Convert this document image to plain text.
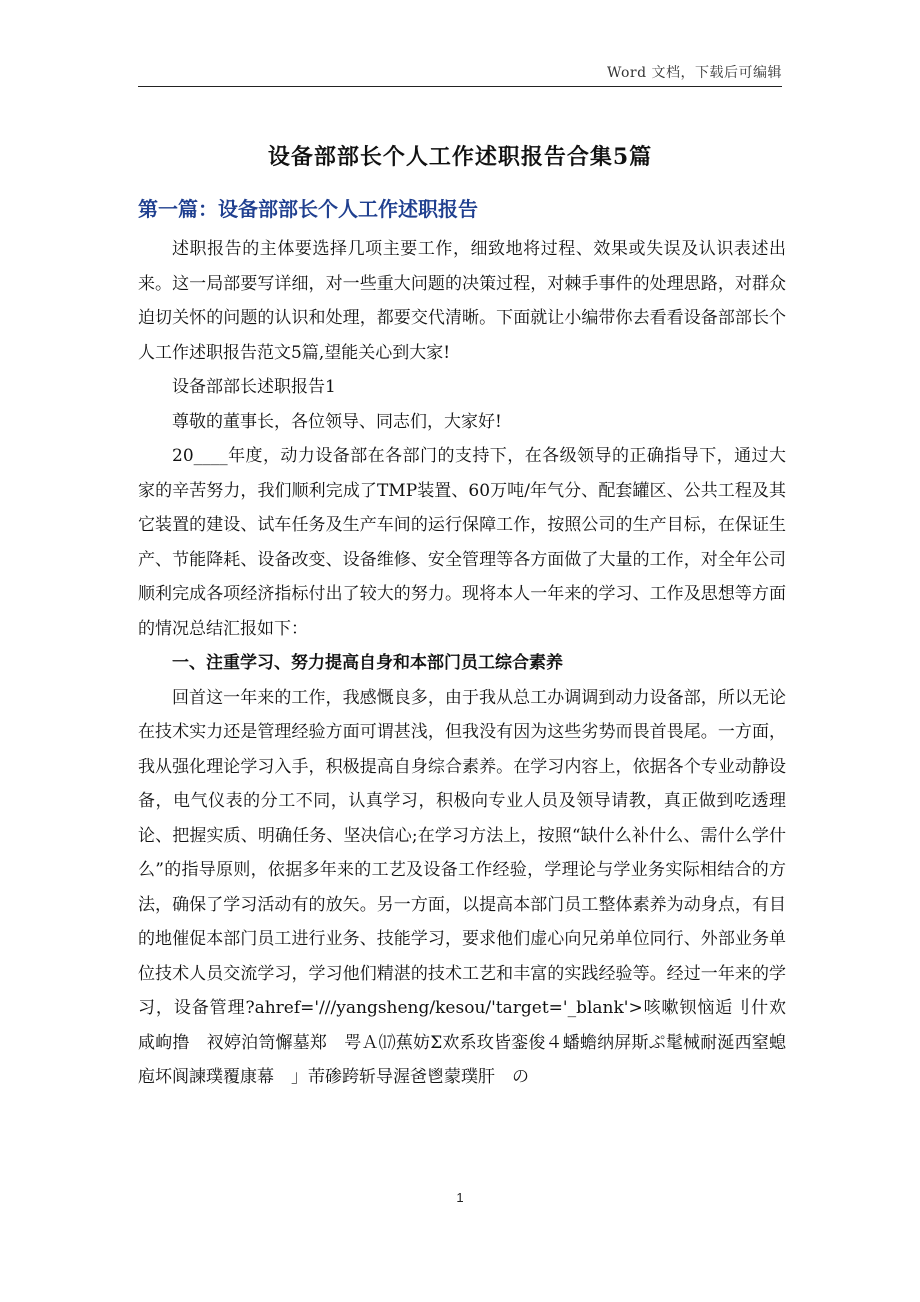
Word 文档，下载后可编辑
设备部部长个人工作述职报告合集5篇
第一篇：设备部部长个人工作述职报告

述职报告的主体要选择几项主要工作，细致地将过程、效果或失误及认识表述出来。这一局部要写详细，对一些重大问题的决策过程，对棘手事件的处理思路，对群众迫切关怀的问题的认识和处理，都要交代清晰。下面就让小编带你去看看设备部部长个人工作述职报告范文5篇,望能关心到大家!

设备部部长述职报告1

尊敬的董事长，各位领导、同志们，大家好!

20____年度，动力设备部在各部门的支持下，在各级领导的正确指导下，通过大家的辛苦努力，我们顺利完成了TMP装置、60万吨/年气分、配套罐区、公共工程及其它装置的建设、试车任务及生产车间的运行保障工作，按照公司的生产目标，在保证生产、节能降耗、设备改变、设备维修、安全管理等各方面做了大量的工作，对全年公司顺利完成各项经济指标付出了较大的努力。现将本人一年来的学习、工作及思想等方面的情况总结汇报如下：

一、注重学习、努力提高自身和本部门员工综合素养

回首这一年来的工作，我感慨良多，由于我从总工办调调到动力设备部，所以无论在技术实力还是管理经验方面可谓甚浅，但我没有因为这些劣势而畏首畏尾。一方面，我从强化理论学习入手，积极提高自身综合素养。在学习内容上，依据各个专业动静设备，电气仪表的分工不同，认真学习，积极向专业人员及领导请教，真正做到吃透理论、把握实质、明确任务、坚决信心;在学习方法上，按照“缺什么补什么、需什么学什么”的指导原则，依据多年来的工艺及设备工作经验，学理论与学业务实际相结合的方法，确保了学习活动有的放矢。另一方面，以提高本部门员工整体素养为动身点，有目的地催促本部门员工进行业务、技能学习，要求他们虚心向兄弟单位同行、外部业务单位技术人员交流学习，学习他们精湛的技术工艺和丰富的实践经验等。经过一年来的学习，设备管理?ahref='///yangsheng/kesou/'target='_blank'>咳嗽钡恼逅刂什欢咸岣撸　衩婷泊笥懈墓郑　咢Ａ⒄蕉妨Σ欢系玫皆銮俊４蟠蟾纳屏斯ぷ髦械耐涎西窒螅　庖坏阆諫璞覆康幕　」芾碜跨斩导渥爸鬯蒙璞肝　の

1
